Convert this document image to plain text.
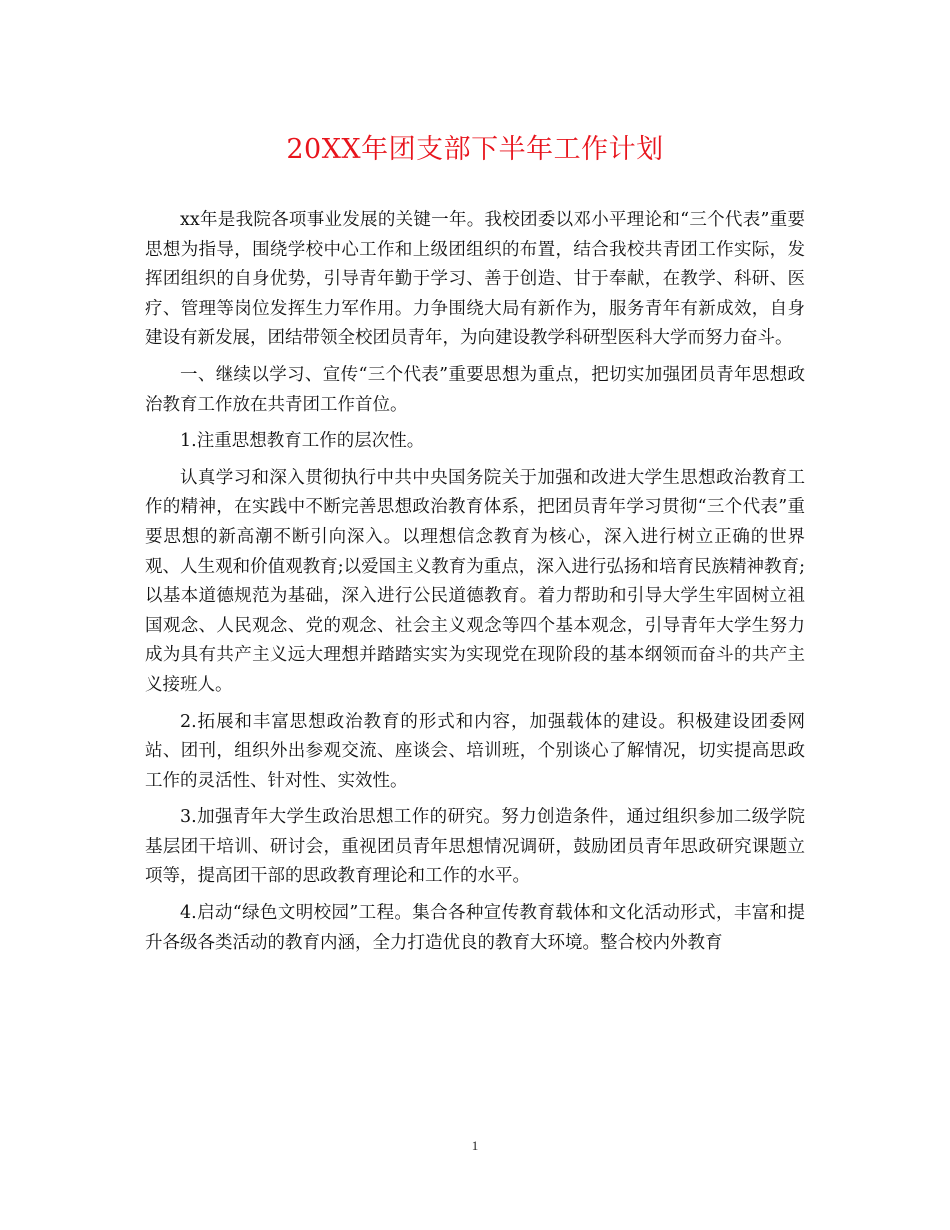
20XX年团支部下半年工作计划

xx年是我院各项事业发展的关键一年。我校团委以邓小平理论和“三个代表”重要思想为指导，围绕学校中心工作和上级团组织的布置，结合我校共青团工作实际，发挥团组织的自身优势，引导青年勤于学习、善于创造、甘于奉献，在教学、科研、医疗、管理等岗位发挥生力军作用。力争围绕大局有新作为，服务青年有新成效，自身建设有新发展，团结带领全校团员青年，为向建设教学科研型医科大学而努力奋斗。

一、继续以学习、宣传“三个代表”重要思想为重点，把切实加强团员青年思想政治教育工作放在共青团工作首位。

1.注重思想教育工作的层次性。

认真学习和深入贯彻执行中共中央国务院关于加强和改进大学生思想政治教育工作的精神，在实践中不断完善思想政治教育体系，把团员青年学习贯彻“三个代表”重要思想的新高潮不断引向深入。以理想信念教育为核心，深入进行树立正确的世界观、人生观和价值观教育;以爱国主义教育为重点，深入进行弘扬和培育民族精神教育;以基本道德规范为基础，深入进行公民道德教育。着力帮助和引导大学生牢固树立祖国观念、人民观念、党的观念、社会主义观念等四个基本观念，引导青年大学生努力成为具有共产主义远大理想并踏踏实实为实现党在现阶段的基本纲领而奋斗的共产主义接班人。

2.拓展和丰富思想政治教育的形式和内容，加强载体的建设。积极建设团委网站、团刊，组织外出参观交流、座谈会、培训班，个别谈心了解情况，切实提高思政工作的灵活性、针对性、实效性。

3.加强青年大学生政治思想工作的研究。努力创造条件，通过组织参加二级学院基层团干培训、研讨会，重视团员青年思想情况调研，鼓励团员青年思政研究课题立项等，提高团干部的思政教育理论和工作的水平。

4.启动“绿色文明校园”工程。集合各种宣传教育载体和文化活动形式，丰富和提升各级各类活动的教育内涵，全力打造优良的教育大环境。整合校内外教育

1
